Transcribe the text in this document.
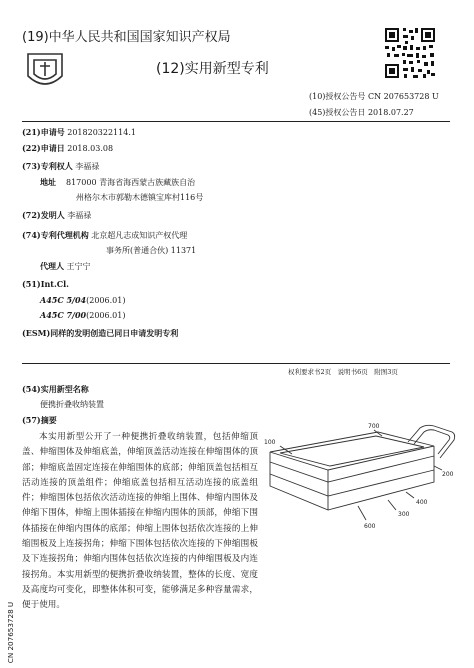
(19)中华人民共和国国家知识产权局
(12)实用新型专利
(10)授权公告号 CN 207653728 U
(45)授权公告日 2018.07.27
(21)申请号 201820322114.1
(22)申请日 2018.03.08
(73)专利权人 李福禄
地址 817000 青海省海西蒙古族藏族自治
州格尔木市郭勒木德镇宝库村116号
(72)发明人 李福禄
(74)专利代理机构 北京超凡志成知识产权代理
事务所(普通合伙) 11371
代理人 王宁宁
(51)Int.Cl.
A45C 5/04(2006.01)
A45C 7/00(2006.01)
(ESM)同样的发明创造已同日申请发明专利
权利要求书2页　说明书6页　附图3页
(54)实用新型名称
便携折叠收纳装置
(57)摘要
本实用新型公开了一种便携折叠收纳装置，包括伸缩顶盖、伸缩围体及伸缩底盖，伸缩顶盖活动连接在伸缩围体的顶部；伸缩底盖固定连接在伸缩围体的底部；伸缩顶盖包括相互活动连接的顶盖组件；伸缩底盖包括相互活动连接的底盖组件；伸缩围体包括依次活动连接的伸缩上围体、伸缩内围体及伸缩下围体，伸缩上围体插接在伸缩内围体的顶部，伸缩下围体插接在伸缩内围体的底部；伸缩上围体包括依次连接的上伸缩围板及上连接拐角；伸缩下围体包括依次连接的下伸缩围板及下连接拐角；伸缩内围体包括依次连接的内伸缩围板及内连接拐角。本实用新型的便携折叠收纳装置，整体的长度、宽度及高度均可变化，即整体体积可变，能够满足多种容量需求，便于使用。
100
700
200
400
300
600
CN 207653728 U
